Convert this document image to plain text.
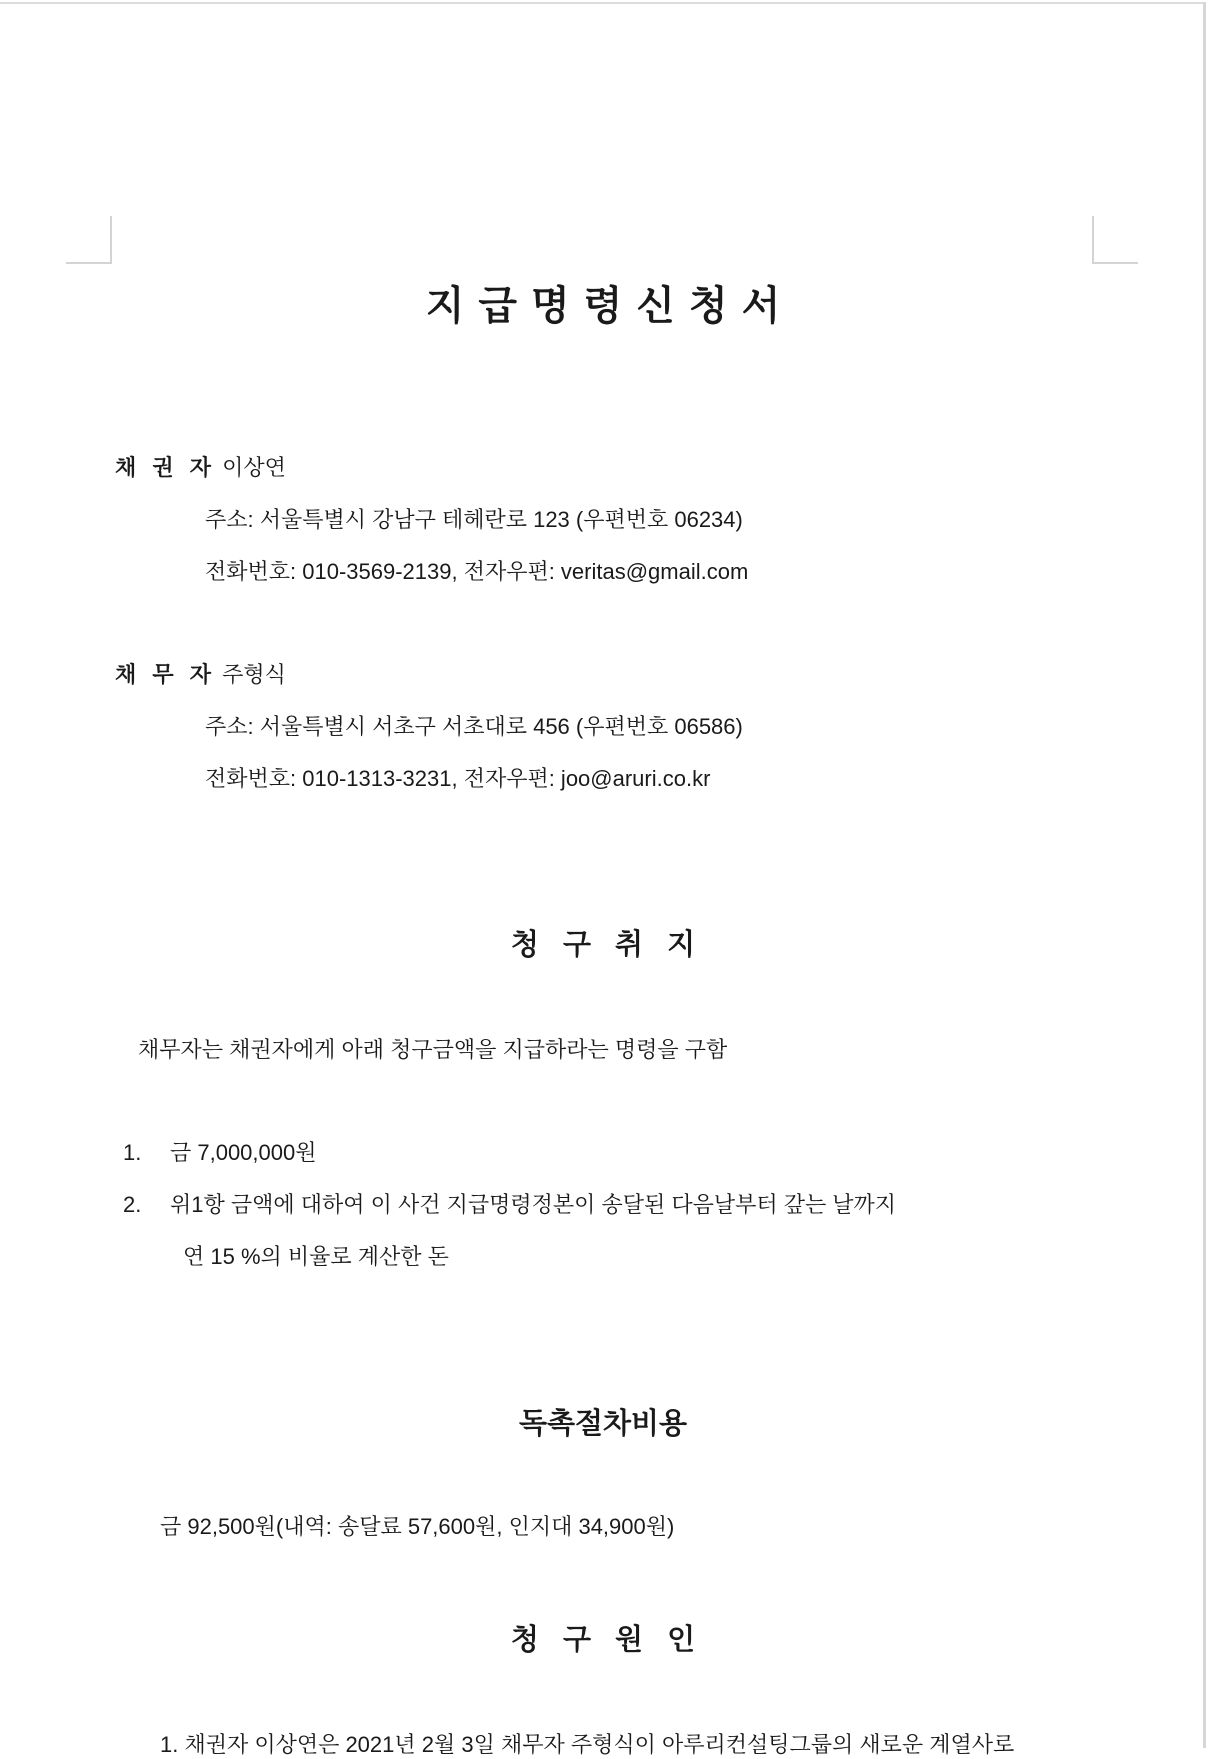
지급명령신청서
채 권 자 이상연
주소: 서울특별시 강남구 테헤란로 123 (우편번호 06234)
전화번호: 010-3569-2139, 전자우편: veritas@gmail.com
채 무 자 주형식
주소: 서울특별시 서초구 서초대로 456 (우편번호 06586)
전화번호: 010-1313-3231, 전자우편: joo@aruri.co.kr
청 구 취 지
채무자는 채권자에게 아래 청구금액을 지급하라는 명령을 구함
1. 금 7,000,000원
2. 위1항 금액에 대하여 이 사건 지급명령정본이 송달된 다음날부터 갚는 날까지
연 15 %의 비율로 계산한 돈
독촉절차비용
금 92,500원(내역: 송달료 57,600원, 인지대 34,900원)
청 구 원 인
1. 채권자 이상연은 2021년 2월 3일 채무자 주형식이 아루리컨설팅그룹의 새로운 계열사로
